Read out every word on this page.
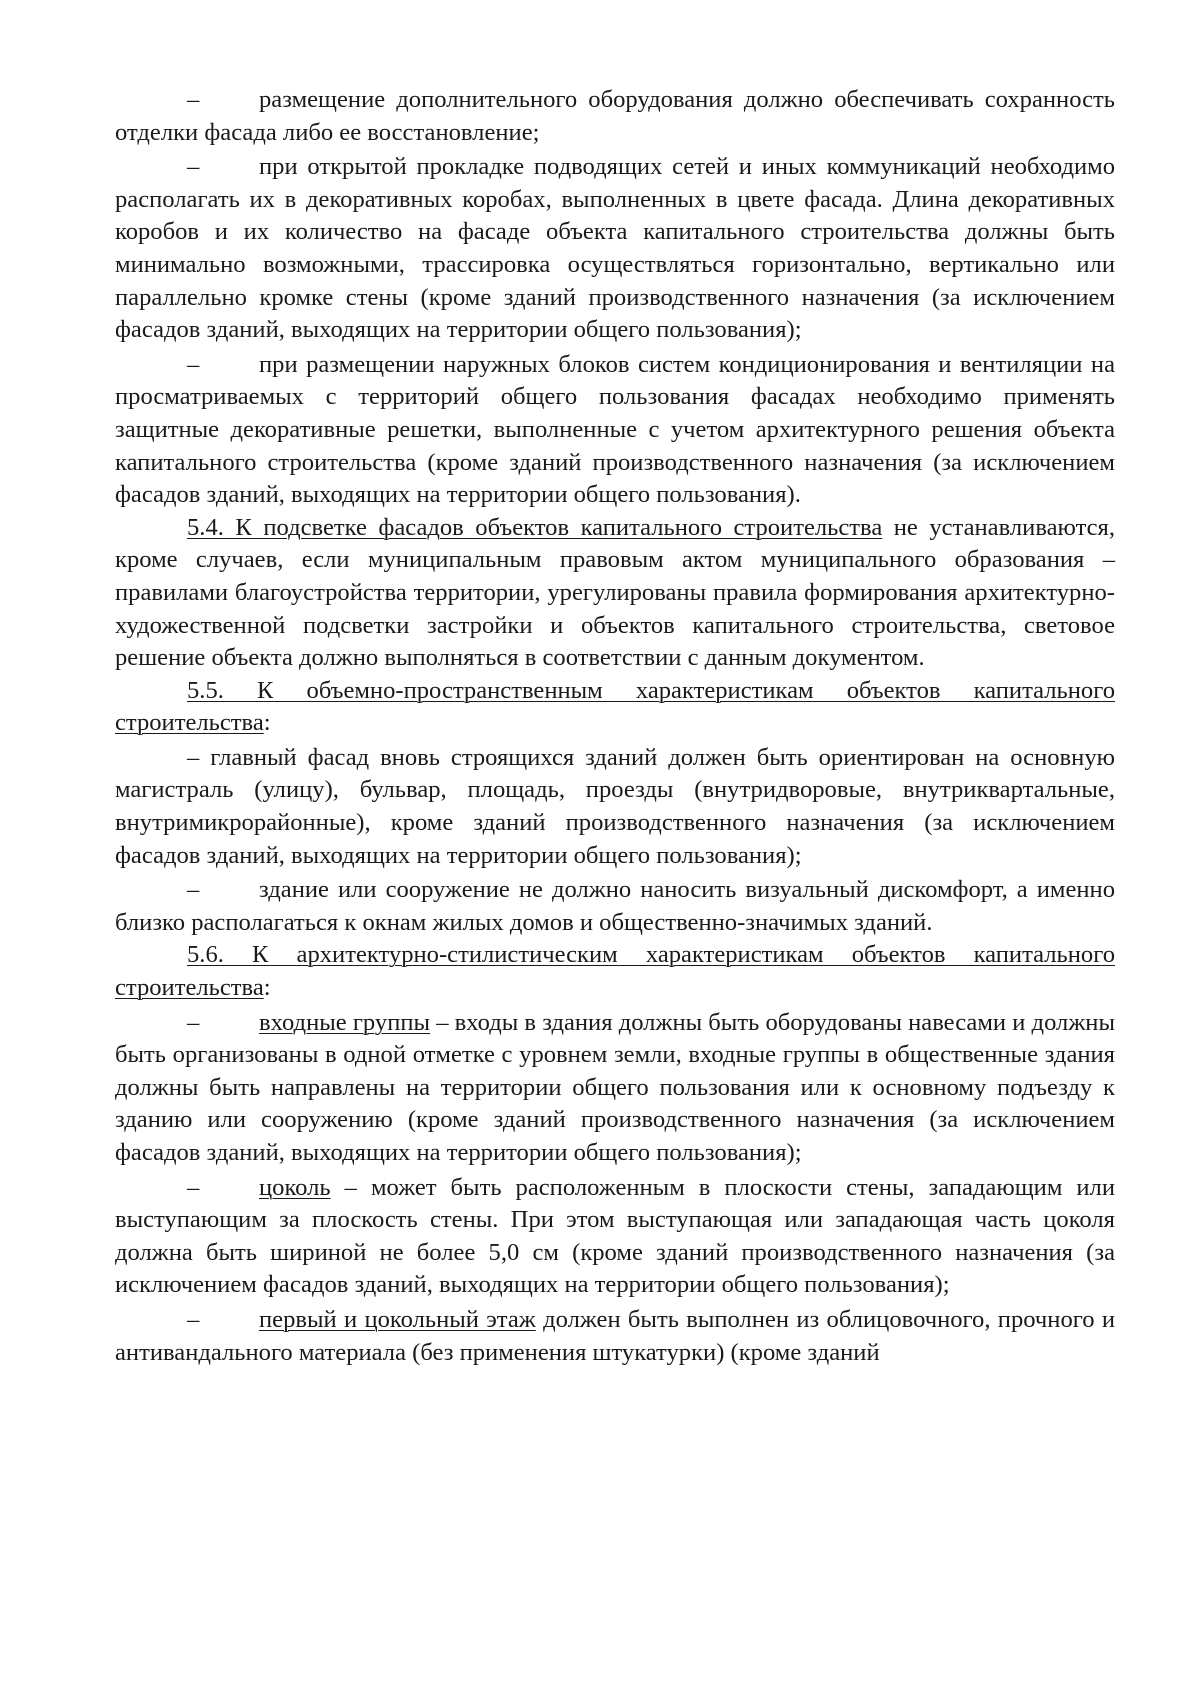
– размещение дополнительного оборудования должно обеспечивать сохранность отделки фасада либо ее восстановление;

– при открытой прокладке подводящих сетей и иных коммуникаций необходимо располагать их в декоративных коробах, выполненных в цвете фасада. Длина декоративных коробов и их количество на фасаде объекта капитального строительства должны быть минимально возможными, трассировка осуществляться горизонтально, вертикально или параллельно кромке стены (кроме зданий производственного назначения (за исключением фасадов зданий, выходящих на территории общего пользования);

– при размещении наружных блоков систем кондиционирования и вентиляции на просматриваемых с территорий общего пользования фасадах необходимо применять защитные декоративные решетки, выполненные с учетом архитектурного решения объекта капитального строительства (кроме зданий производственного назначения (за исключением фасадов зданий, выходящих на территории общего пользования).

5.4. К подсветке фасадов объектов капитального строительства не устанавливаются, кроме случаев, если муниципальным правовым актом муниципального образования – правилами благоустройства территории, урегулированы правила формирования архитектурно-художественной подсветки застройки и объектов капитального строительства, световое решение объекта должно выполняться в соответствии с данным документом.

5.5. К объемно-пространственным характеристикам объектов капитального строительства:

– главный фасад вновь строящихся зданий должен быть ориентирован на основную магистраль (улицу), бульвар, площадь, проезды (внутридворовые, внутриквартальные, внутримикрорайонные), кроме зданий производственного назначения (за исключением фасадов зданий, выходящих на территории общего пользования);

– здание или сооружение не должно наносить визуальный дискомфорт, а именно близко располагаться к окнам жилых домов и общественно-значимых зданий.

5.6. К архитектурно-стилистическим характеристикам объектов капитального строительства:

– входные группы – входы в здания должны быть оборудованы навесами и должны быть организованы в одной отметке с уровнем земли, входные группы в общественные здания должны быть направлены на территории общего пользования или к основному подъезду к зданию или сооружению (кроме зданий производственного назначения (за исключением фасадов зданий, выходящих на территории общего пользования);

– цоколь – может быть расположенным в плоскости стены, западающим или выступающим за плоскость стены. При этом выступающая или западающая часть цоколя должна быть шириной не более 5,0 см (кроме зданий производственного назначения (за исключением фасадов зданий, выходящих на территории общего пользования);

– первый и цокольный этаж должен быть выполнен из облицовочного, прочного и антивандального материала (без применения штукатурки) (кроме зданий
